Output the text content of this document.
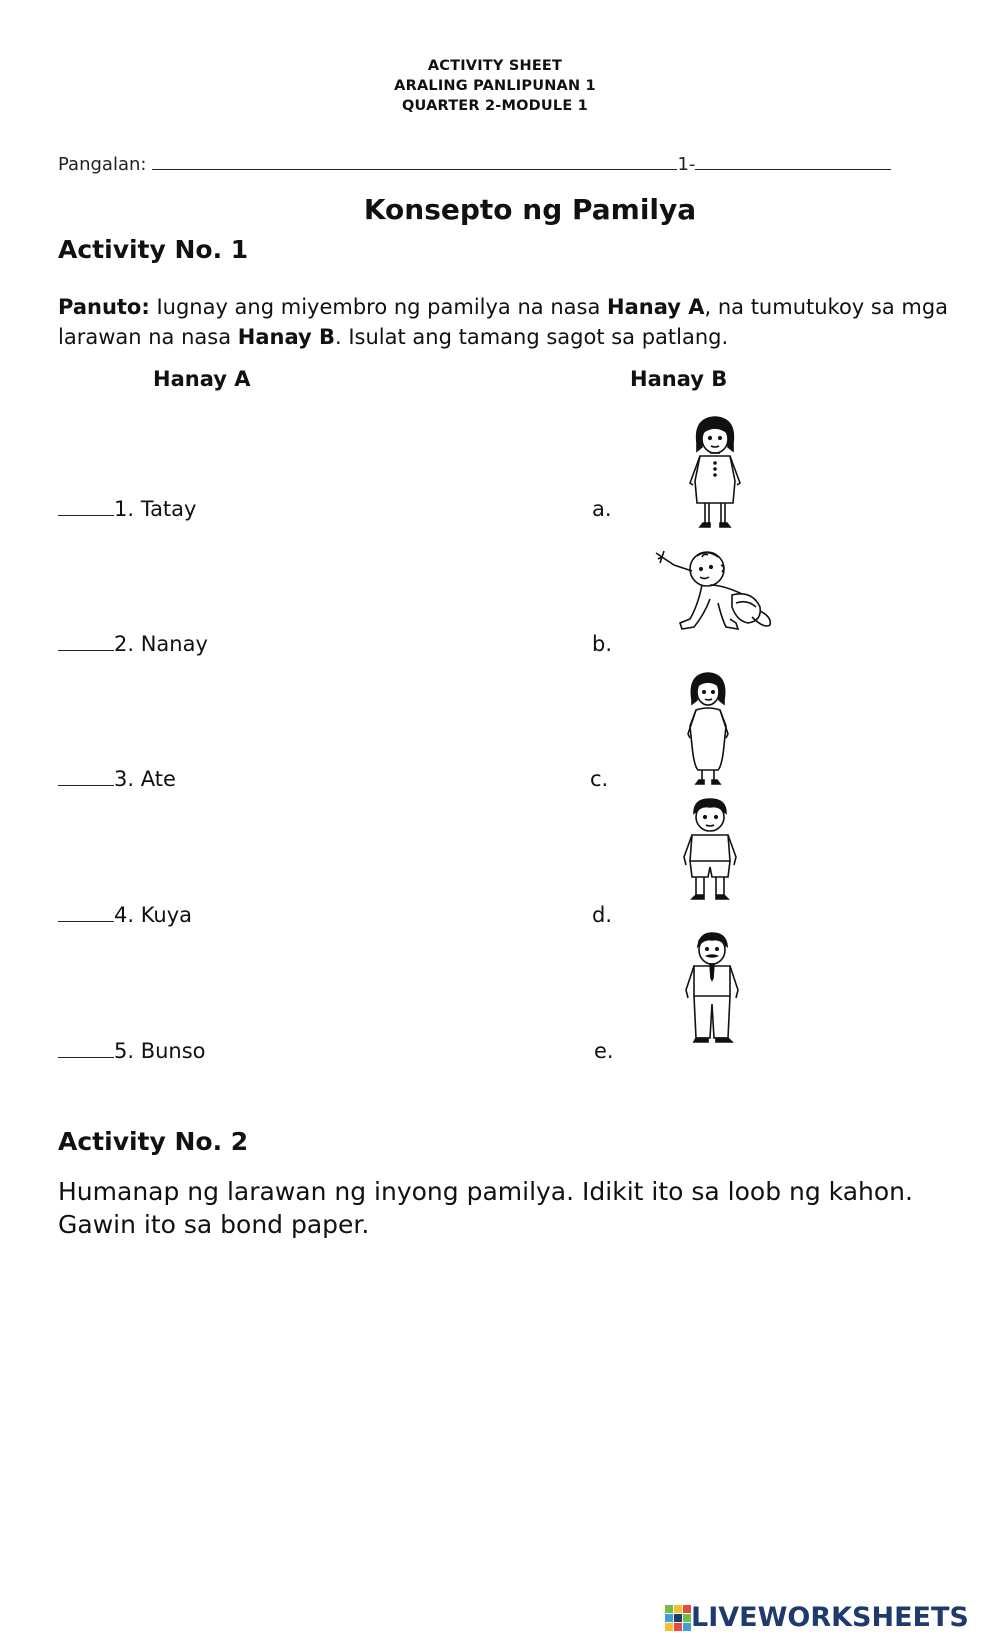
ACTIVITY SHEET
ARALING PANLIPUNAN 1
QUARTER 2-MODULE 1
Pangalan:	1-
Konsepto ng Pamilya
Activity No. 1
Panuto: Iugnay ang miyembro ng pamilya na nasa Hanay A, na tumutukoy sa mga larawan na nasa Hanay B. Isulat ang tamang sagot sa patlang.
Hanay A	Hanay B
1. Tatay
2. Nanay
3. Ate
4. Kuya
5. Bunso
a.
b.
c.
d.
e.
Activity No. 2
Humanap ng larawan ng inyong pamilya. Idikit ito sa loob ng kahon. Gawin ito sa bond paper.
LIVEWORKSHEETS
